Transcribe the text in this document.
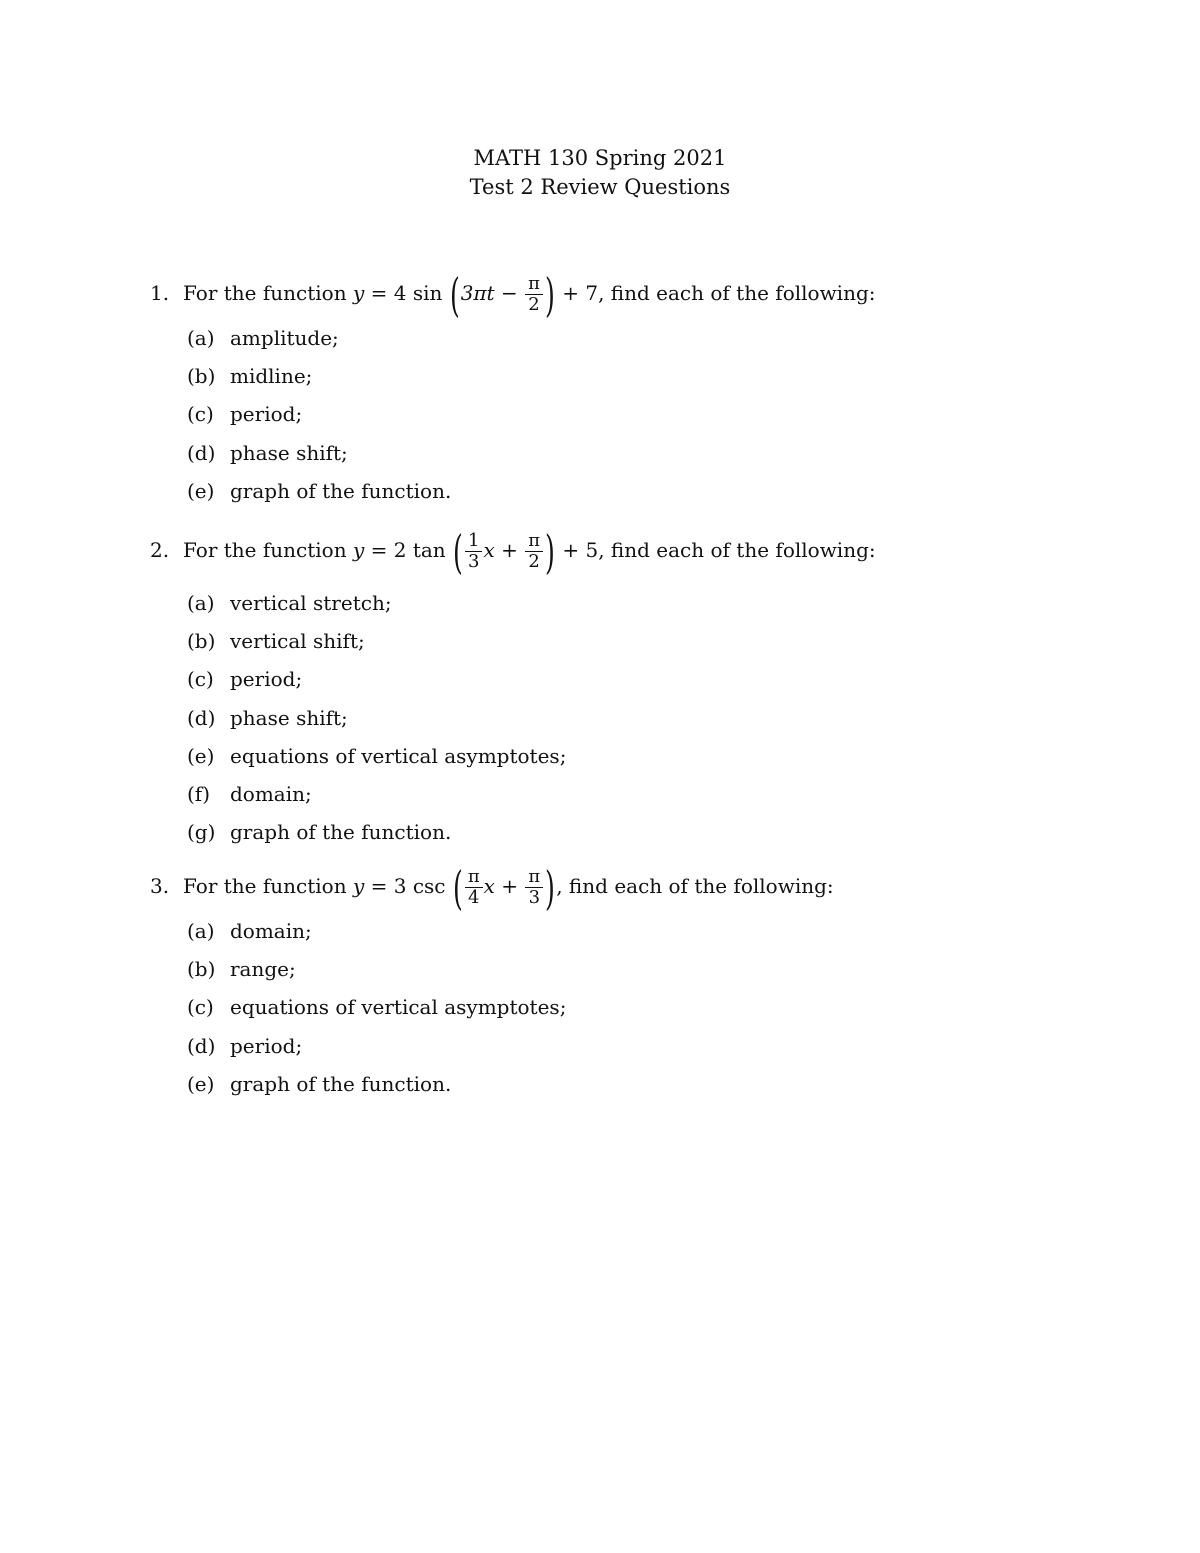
MATH 130 Spring 2021
Test 2 Review Questions
1. For the function y = 4 $\sin (3\pi t - \frac{\pi}{2}$ ) + 7, find each of the following:
(a) amplitude;
(b) midline;
(c) period;
(d) phase shift;
(e) graph of the function.
2. For the function y = 2 tan ( $\frac{1}{3}$ $x + \frac{\pi}{2}$ ) + 5, find each of the following:
(a) vertical stretch;
(b) vertical shift;
(c) period;
(d) phase shift;
(e) equations of vertical asymptotes;
(f) domain;
(g) graph of the function.
3. For the function y = 3 csc ( $\frac{\pi}{4}$ $x + \frac{\pi}{3}$ ), find each of the following:
(a) domain;
(b) range;
(c) equations of vertical asymptotes;
(d) period;
(e) graph of the function.
